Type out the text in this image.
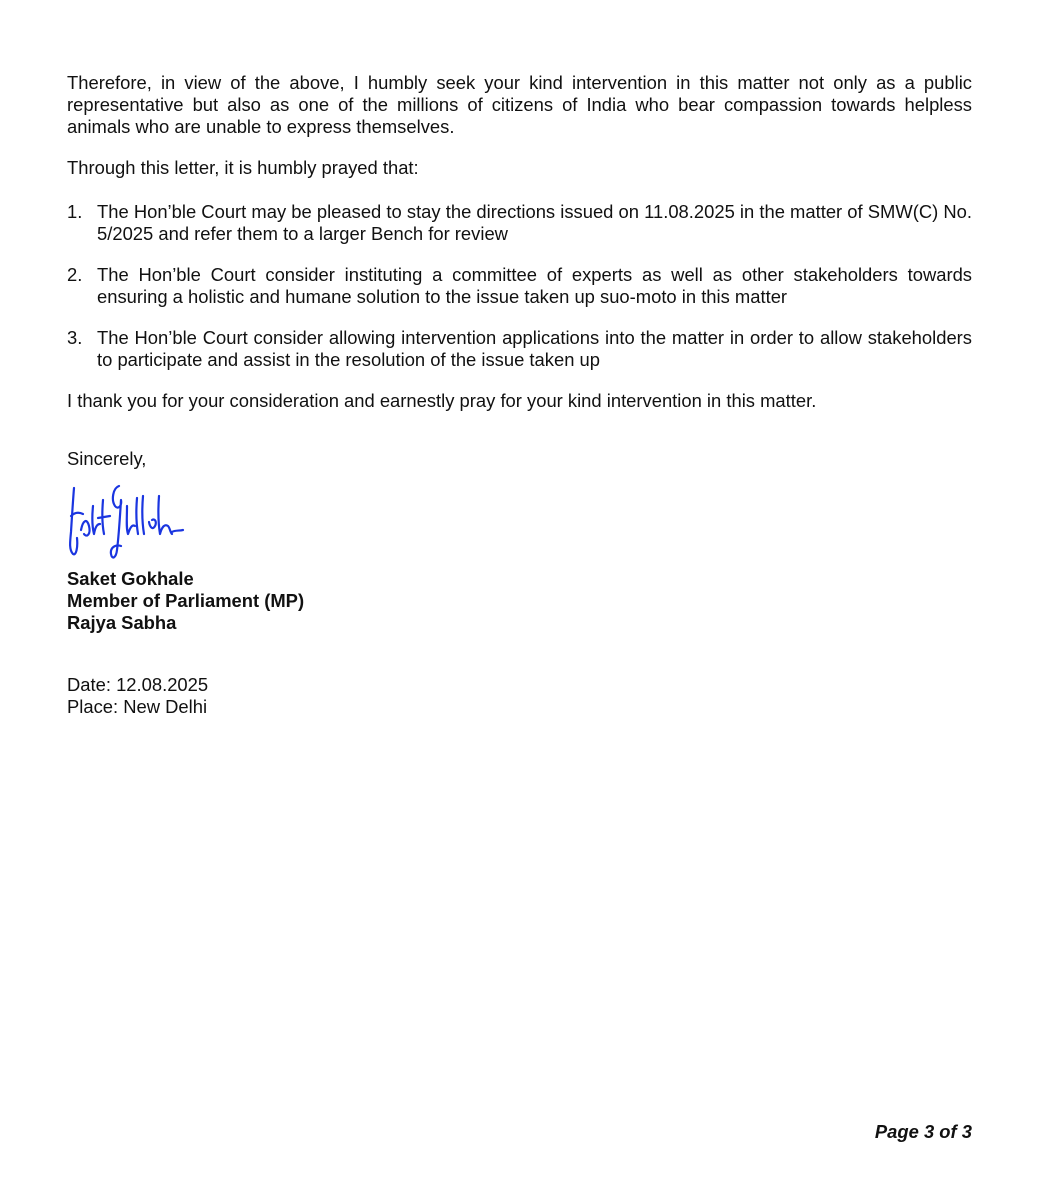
Therefore, in view of the above, I humbly seek your kind intervention in this matter not only as a public representative but also as one of the millions of citizens of India who bear compassion towards helpless animals who are unable to express themselves.

Through this letter, it is humbly prayed that:

1. The Hon’ble Court may be pleased to stay the directions issued on 11.08.2025 in the matter of SMW(C) No. 5/2025 and refer them to a larger Bench for review
2. The Hon’ble Court consider instituting a committee of experts as well as other stakeholders towards ensuring a holistic and humane solution to the issue taken up suo-moto in this matter
3. The Hon’ble Court consider allowing intervention applications into the matter in order to allow stakeholders to participate and assist in the resolution of the issue taken up

I thank you for your consideration and earnestly pray for your kind intervention in this matter.

Sincerely,

Saket Gokhale
Member of Parliament (MP)
Rajya Sabha

Date: 12.08.2025
Place: New Delhi

Page 3 of 3
